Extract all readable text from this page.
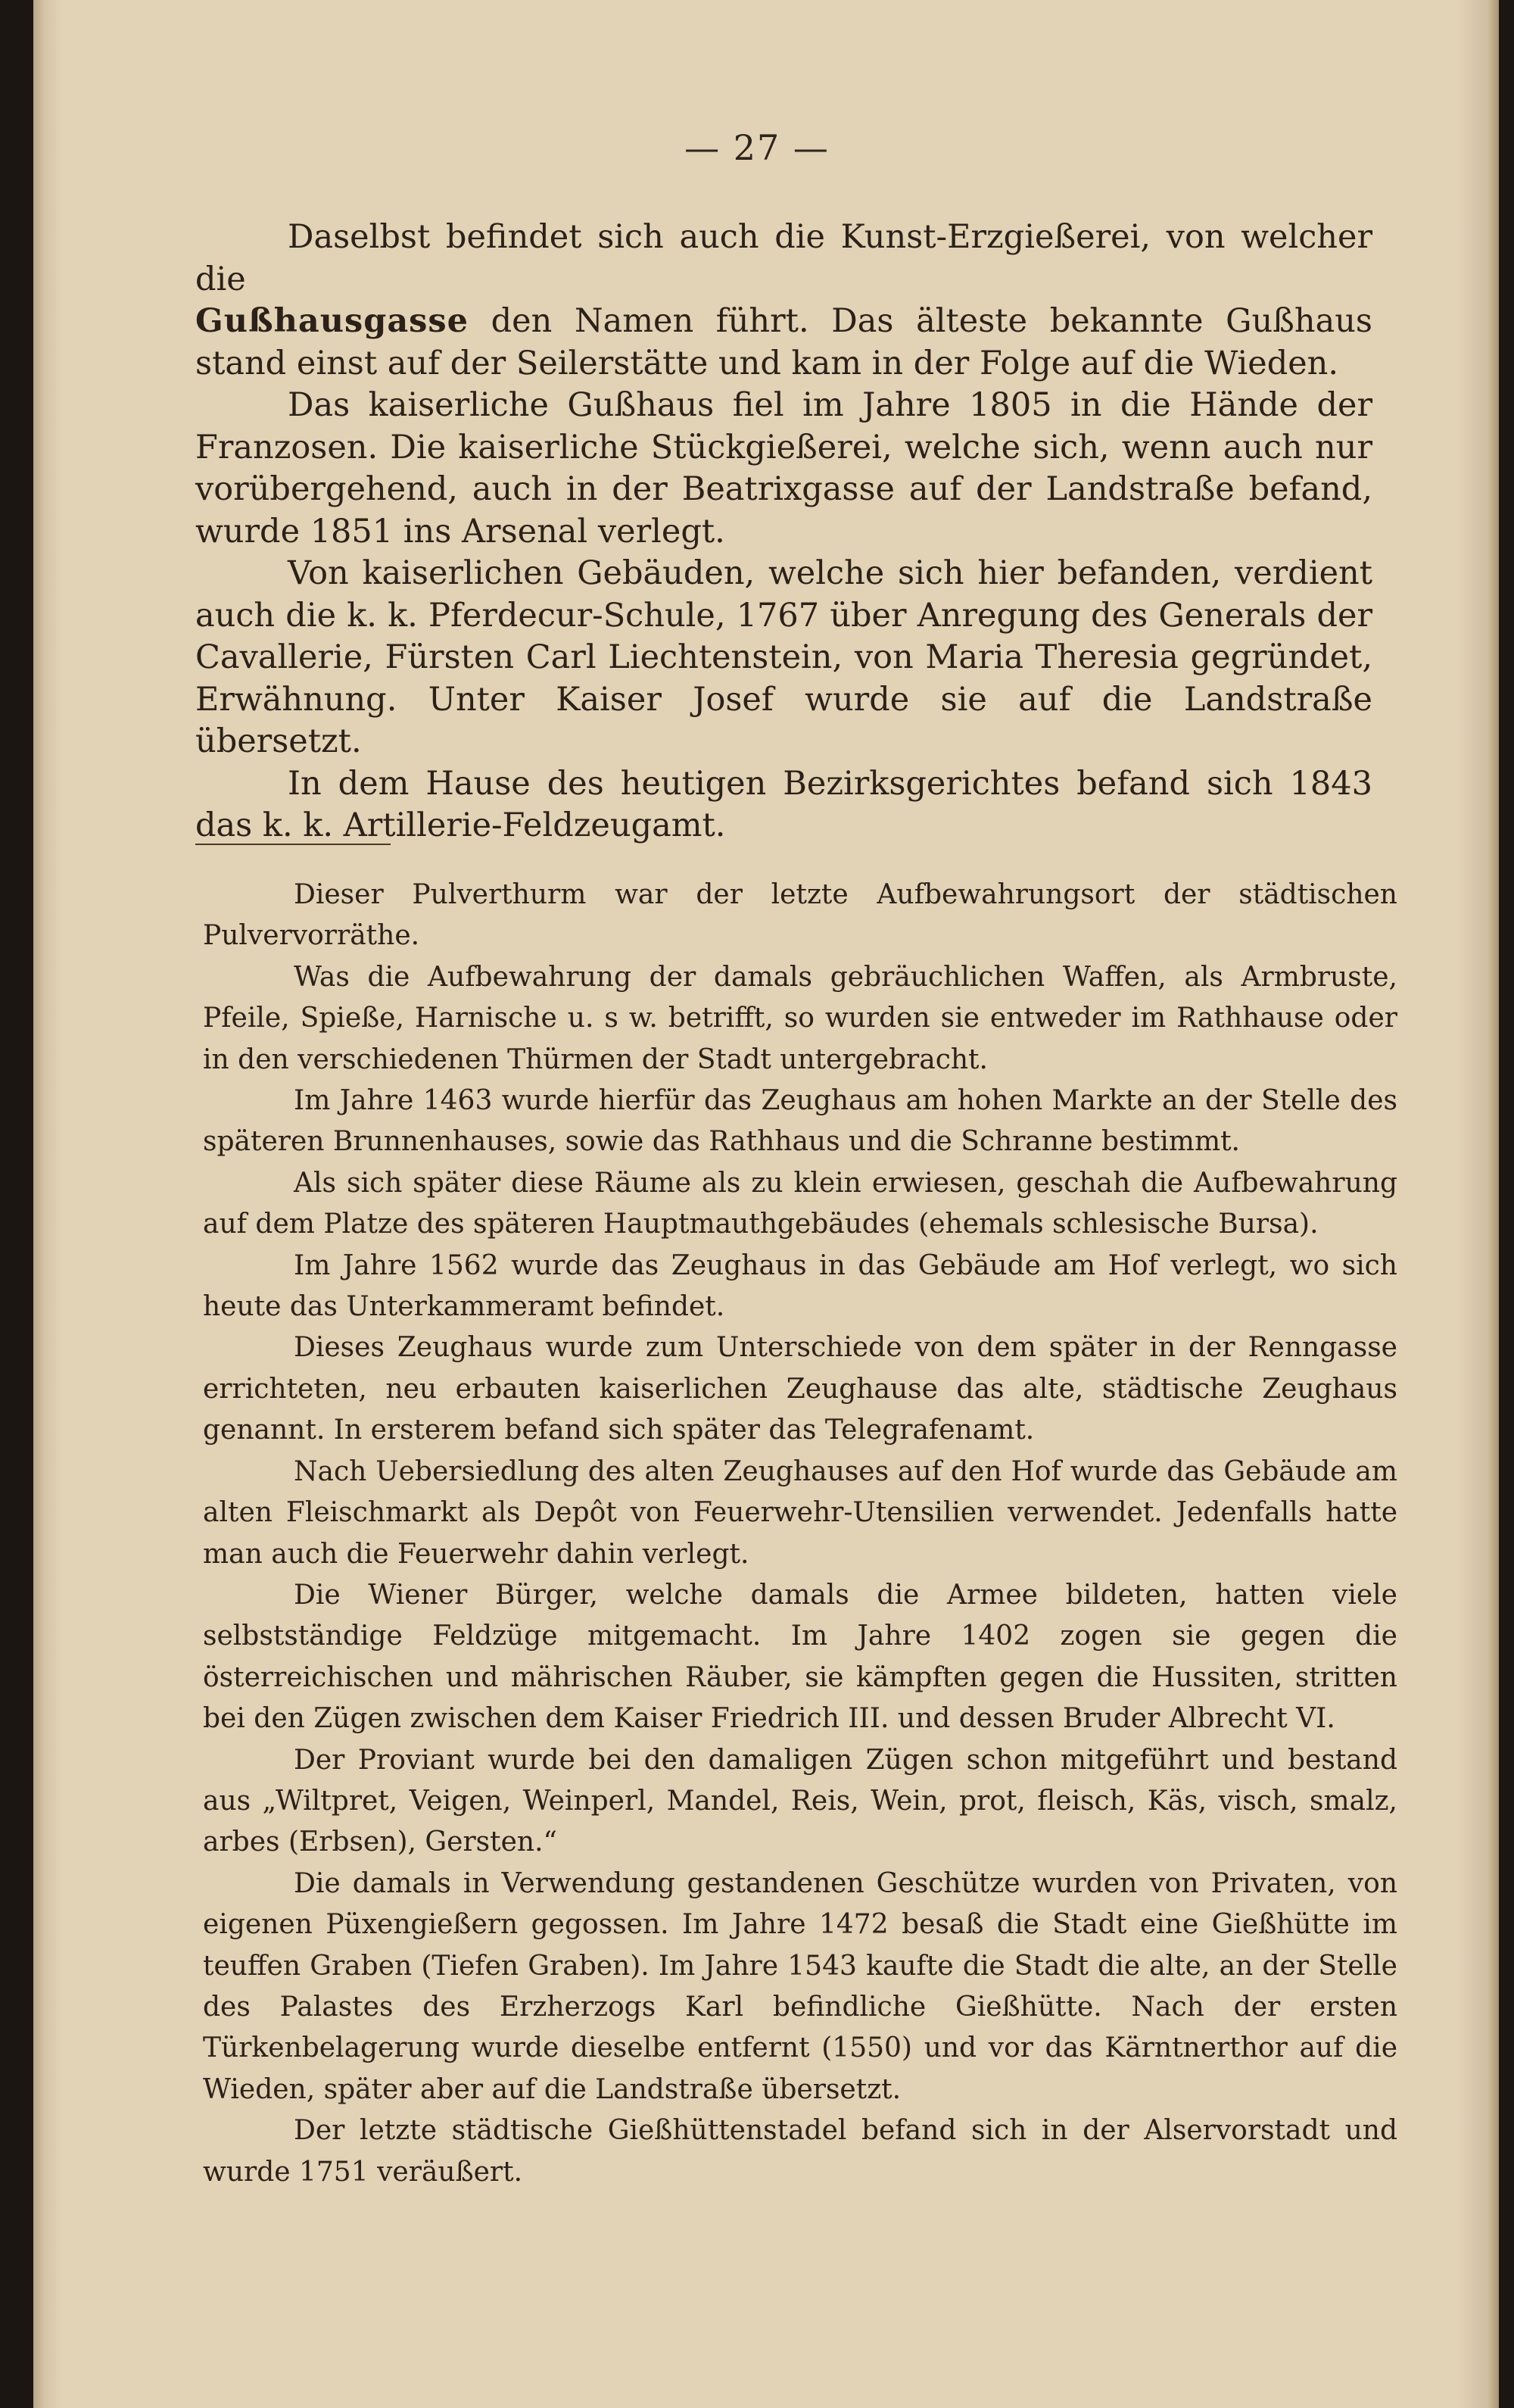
— 27 —

Daselbst befindet sich auch die Kunst-Erzgießerei, von welcher die
Gußhausgasse den Namen führt. Das älteste bekannte Gußhaus stand einst auf der Seilerstätte und kam in der Folge auf die Wieden.

Das kaiserliche Gußhaus fiel im Jahre 1805 in die Hände der Franzosen. Die kaiserliche Stückgießerei, welche sich, wenn auch nur vorübergehend, auch in der Beatrixgasse auf der Landstraße befand, wurde 1851 ins Arsenal verlegt.

Von kaiserlichen Gebäuden, welche sich hier befanden, verdient auch die k. k. Pferdecur-Schule, 1767 über Anregung des Generals der Cavallerie, Fürsten Carl Liechtenstein, von Maria Theresia gegründet, Erwähnung. Unter Kaiser Josef wurde sie auf die Landstraße übersetzt.

In dem Hause des heutigen Bezirksgerichtes befand sich 1843 das k. k. Artillerie-Feldzeugamt.

Dieser Pulverthurm war der letzte Aufbewahrungsort der städtischen Pulvervorräthe.

Was die Aufbewahrung der damals gebräuchlichen Waffen, als Armbruste, Pfeile, Spieße, Harnische u. s w. betrifft, so wurden sie entweder im Rathhause oder in den verschiedenen Thürmen der Stadt untergebracht.

Im Jahre 1463 wurde hierfür das Zeughaus am hohen Markte an der Stelle des späteren Brunnenhauses, sowie das Rathhaus und die Schranne bestimmt.

Als sich später diese Räume als zu klein erwiesen, geschah die Aufbewahrung auf dem Platze des späteren Hauptmauthgebäudes (ehemals schlesische Bursa).

Im Jahre 1562 wurde das Zeughaus in das Gebäude am Hof verlegt, wo sich heute das Unterkammeramt befindet.

Dieses Zeughaus wurde zum Unterschiede von dem später in der Renngasse errichteten, neu erbauten kaiserlichen Zeughause das alte, städtische Zeughaus genannt. In ersterem befand sich später das Telegrafenamt.

Nach Uebersiedlung des alten Zeughauses auf den Hof wurde das Gebäude am alten Fleischmarkt als Depôt von Feuerwehr-Utensilien verwendet. Jedenfalls hatte man auch die Feuerwehr dahin verlegt.

Die Wiener Bürger, welche damals die Armee bildeten, hatten viele selbstständige Feldzüge mitgemacht. Im Jahre 1402 zogen sie gegen die österreichischen und mährischen Räuber, sie kämpften gegen die Hussiten, stritten bei den Zügen zwischen dem Kaiser Friedrich III. und dessen Bruder Albrecht VI.

Der Proviant wurde bei den damaligen Zügen schon mitgeführt und bestand aus „Wiltpret, Veigen, Weinperl, Mandel, Reis, Wein, prot, fleisch, Käs, visch, smalz, arbes (Erbsen), Gersten.“

Die damals in Verwendung gestandenen Geschütze wurden von Privaten, von eigenen Püxengießern gegossen. Im Jahre 1472 besaß die Stadt eine Gießhütte im teuffen Graben (Tiefen Graben). Im Jahre 1543 kaufte die Stadt die alte, an der Stelle des Palastes des Erzherzogs Karl befindliche Gießhütte. Nach der ersten Türkenbelagerung wurde dieselbe entfernt (1550) und vor das Kärntnerthor auf die Wieden, später aber auf die Landstraße übersetzt.

Der letzte städtische Gießhüttenstadel befand sich in der Alservorstadt und wurde 1751 veräußert.
